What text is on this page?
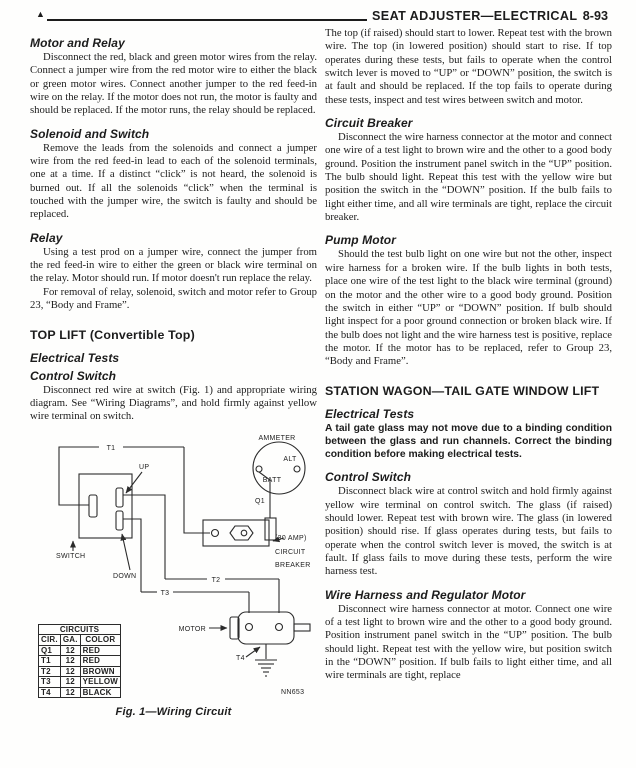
▲	SEAT ADJUSTER—ELECTRICAL 8-93
Motor and Relay

Disconnect the red, black and green motor wires from the relay. Connect a jumper wire from the red motor wire to either the black or green motor wires. Connect another jumper to the red feed-in wire on the relay. If the motor does not run, the motor is faulty and should be replaced. If the motor runs, the relay should be replaced.

Solenoid and Switch

Remove the leads from the solenoids and connect a jumper wire from the red feed-in lead to each of the solenoid terminals, one at a time. If a distinct “click” is not heard, the solenoid is burned out. If all the solenoids “click” when the terminal is touched with the jumper wire, the switch is faulty and should be replaced.

Relay

Using a test prod on a jumper wire, connect the jumper from the red feed-in wire to either the green or black wire terminal on the relay. Motor should run. If motor doesn't run replace the relay.

For removal of relay, solenoid, switch and motor refer to Group 23, “Body and Frame”.

TOP LIFT (Convertible Top)
Electrical Tests
Control Switch

Disconnect red wire at switch (Fig. 1) and appropriate wiring diagram. See “Wiring Diagrams”, and hold firmly against yellow wire terminal on switch.

T1
UP
AMMETER
ALT
BATT
Q1
SWITCH
DOWN
(30 AMP)
CIRCUIT
BREAKER
T2
T3
MOTOR
T4
NN653
CIRCUITS		
CIR.	GA.	COLOR
Q1	12	RED
T1	12	RED
T2	12	BROWN
T3	12	YELLOW
T4	12	BLACK
Fig. 1—Wiring Circuit

The top (if raised) should start to lower. Repeat test with the brown wire. The top (in lowered position) should start to rise. If top operates during these tests, but fails to operate when the control switch lever is moved to “UP” or “DOWN” position, the switch is at fault and should be replaced. If the top fails to operate during these tests, inspect and test wires between switch and motor.

Circuit Breaker

Disconnect the wire harness connector at the motor and connect one wire of a test light to brown wire and the other to a good body ground. Position the instrument panel switch in the “UP” position. The bulb should light. Repeat this test with the yellow wire but position the switch in the “DOWN” position. If the bulb fails to light either time, and all wire terminals are tight, replace the circuit breaker.

Pump Motor

Should the test bulb light on one wire but not the other, inspect wire harness for a broken wire. If the bulb lights in both tests, place one wire of the test light to the black wire terminal (ground) on the motor and the other wire to a good body ground. Position the switch in either “UP” or “DOWN” position. If bulb should light inspect for a poor ground connection or broken black wire. If the bulb does not light and the wire harness test is positive, replace the motor. If the motor has to be replaced, refer to Group 23, “Body and Frame”.

STATION WAGON—TAIL GATE WINDOW LIFT
Electrical Tests

A tail gate glass may not move due to a binding condition between the glass and run channels. Correct the binding condition before making electrical tests.

Control Switch

Disconnect black wire at control switch and hold firmly against yellow wire terminal on control switch. The glass (if raised) should lower. Repeat test with brown wire. The glass (in lowered position) should rise. If glass operates during tests, but fails to operate when the control switch lever is moved, the switch is at fault. If glass fails to move during these tests, perform the wire harness test.

Wire Harness and Regulator Motor

Disconnect wire harness connector at motor. Connect one wire of a test light to brown wire and the other to a good body ground. Position instrument panel switch in the “UP” position. The bulb should light. Repeat test with the yellow wire, but position switch in the “DOWN” position. If bulb fails to light either time, and all wire terminals are tight, replace
